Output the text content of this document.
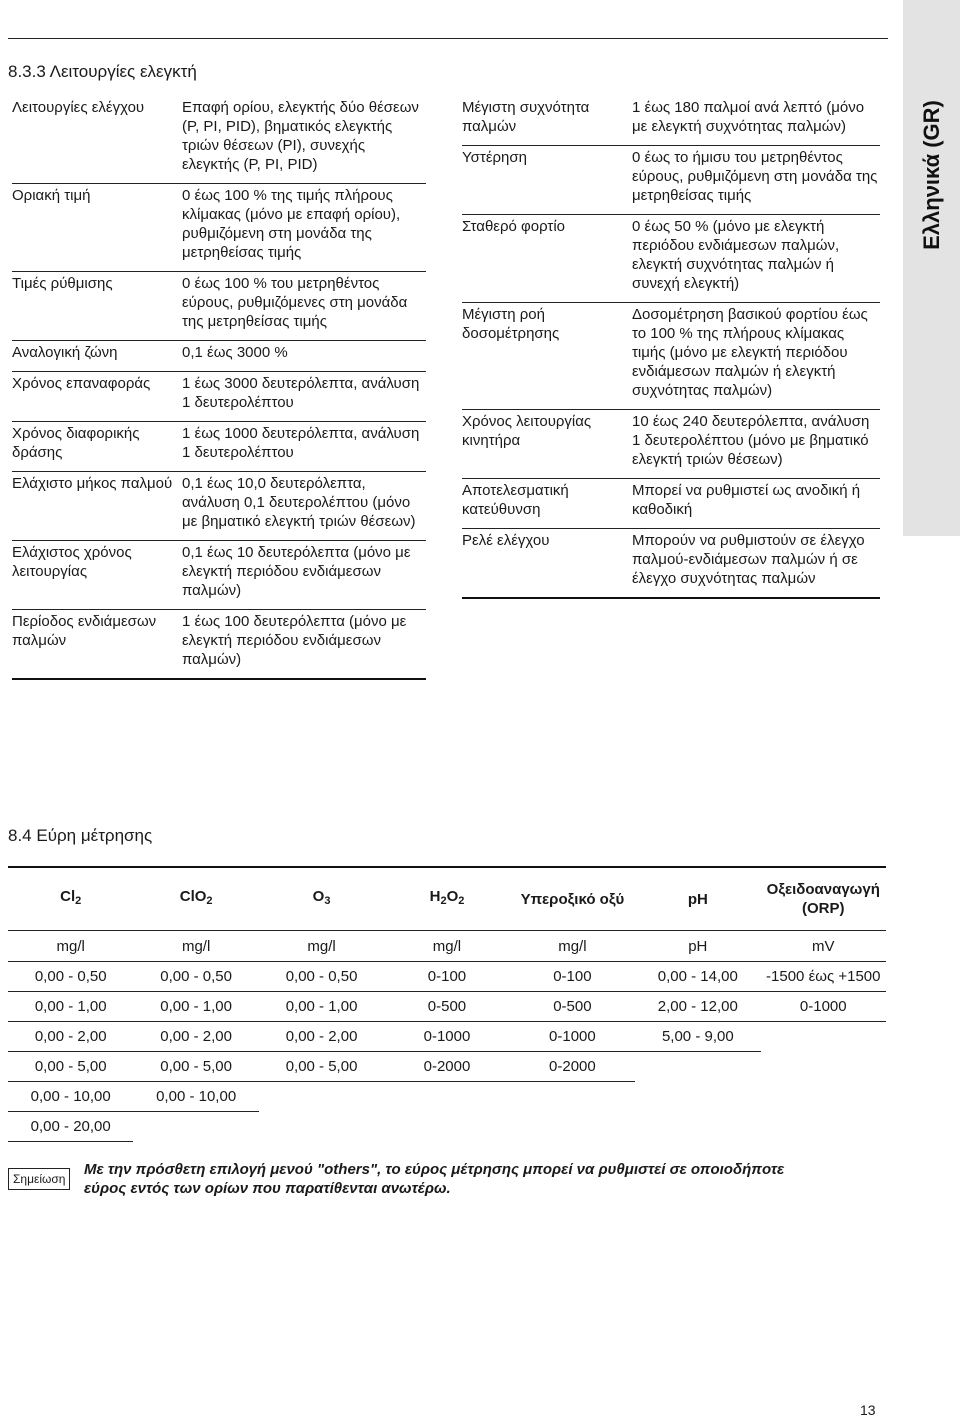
8.3.3 Λειτουργίες ελεγκτή
Ελληνικά (GR)
Λειτουργίες ελέγχου	Επαφή ορίου, ελεγκτής δύο θέσεων (P, PI, PID), βηματικός ελεγκτής τριών θέσεων (PI), συνεχής ελεγκτής (P, PI, PID)
Οριακή τιμή	0 έως 100 % της τιμής πλήρους κλίμακας (μόνο με επαφή ορίου), ρυθμιζόμενη στη μονάδα της μετρηθείσας τιμής
Τιμές ρύθμισης	0 έως 100 % του μετρηθέντος εύρους, ρυθμιζόμενες στη μονάδα της μετρηθείσας τιμής
Αναλογική ζώνη	0,1 έως 3000 %
Χρόνος επαναφοράς	1 έως 3000 δευτερόλεπτα, ανάλυση 1 δευτερολέπτου
Χρόνος διαφορικής δράσης	1 έως 1000 δευτερόλεπτα, ανάλυση 1 δευτερολέπτου
Ελάχιστο μήκος παλμού	0,1 έως 10,0 δευτερόλεπτα, ανάλυση 0,1 δευτερολέπτου (μόνο με βηματικό ελεγκτή τριών θέσεων)
Ελάχιστος χρόνος λειτουργίας	0,1 έως 10 δευτερόλεπτα (μόνο με ελεγκτή περιόδου ενδιάμεσων παλμών)
Περίοδος ενδιάμεσων παλμών	1 έως 100 δευτερόλεπτα (μόνο με ελεγκτή περιόδου ενδιάμεσων παλμών)
Μέγιστη συχνότητα παλμών	1 έως 180 παλμοί ανά λεπτό (μόνο με ελεγκτή συχνότητας παλμών)
Υστέρηση	0 έως το ήμισυ του μετρηθέντος εύρους, ρυθμιζόμενη στη μονάδα της μετρηθείσας τιμής
Σταθερό φορτίο	0 έως 50 % (μόνο με ελεγκτή περιόδου ενδιάμεσων παλμών, ελεγκτή συχνότητας παλμών ή συνεχή ελεγκτή)
Μέγιστη ροή δοσομέτρησης	Δοσομέτρηση βασικού φορτίου έως το 100 % της πλήρους κλίμακας τιμής (μόνο με ελεγκτή περιόδου ενδιάμεσων παλμών ή ελεγκτή συχνότητας παλμών)
Χρόνος λειτουργίας κινητήρα	10 έως 240 δευτερόλεπτα, ανάλυση 1 δευτερολέπτου (μόνο με βηματικό ελεγκτή τριών θέσεων)
Αποτελεσματική κατεύθυνση	Μπορεί να ρυθμιστεί ως ανοδική ή καθοδική
Ρελέ ελέγχου	Μπορούν να ρυθμιστούν σε έλεγχο παλμού-ενδιάμεσων παλμών ή σε έλεγχο συχνότητας παλμών
8.4 Εύρη μέτρησης
$Cl_2$	ClO$_2$	$O_3$	$H_2O_2$	Υπεροξικό οξύ	pH	Οξειδοαναγωγή (ORP)
mg/l	mg/l	mg/l	mg/l	mg/l	pH	mV
0,00 - 0,50	0,00 - 0,50	0,00 - 0,50	0-100	0-100	0,00 - 14,00	-1500 έως +1500
0,00 - 1,00	0,00 - 1,00	0,00 - 1,00	0-500	0-500	2,00 - 12,00	0-1000
0,00 - 2,00	0,00 - 2,00	0,00 - 2,00	0-1000	0-1000	5,00 - 9,00	
0,00 - 5,00	0,00 - 5,00	0,00 - 5,00	0-2000	0-2000		
0,00 - 10,00	0,00 - 10,00					
0,00 - 20,00						
Σημείωση
Με την πρόσθετη επιλογή μενού "others", το εύρος μέτρησης μπορεί να ρυθμιστεί σε οποιοδήποτε εύρος εντός των ορίων που παρατίθενται ανωτέρω.
13
